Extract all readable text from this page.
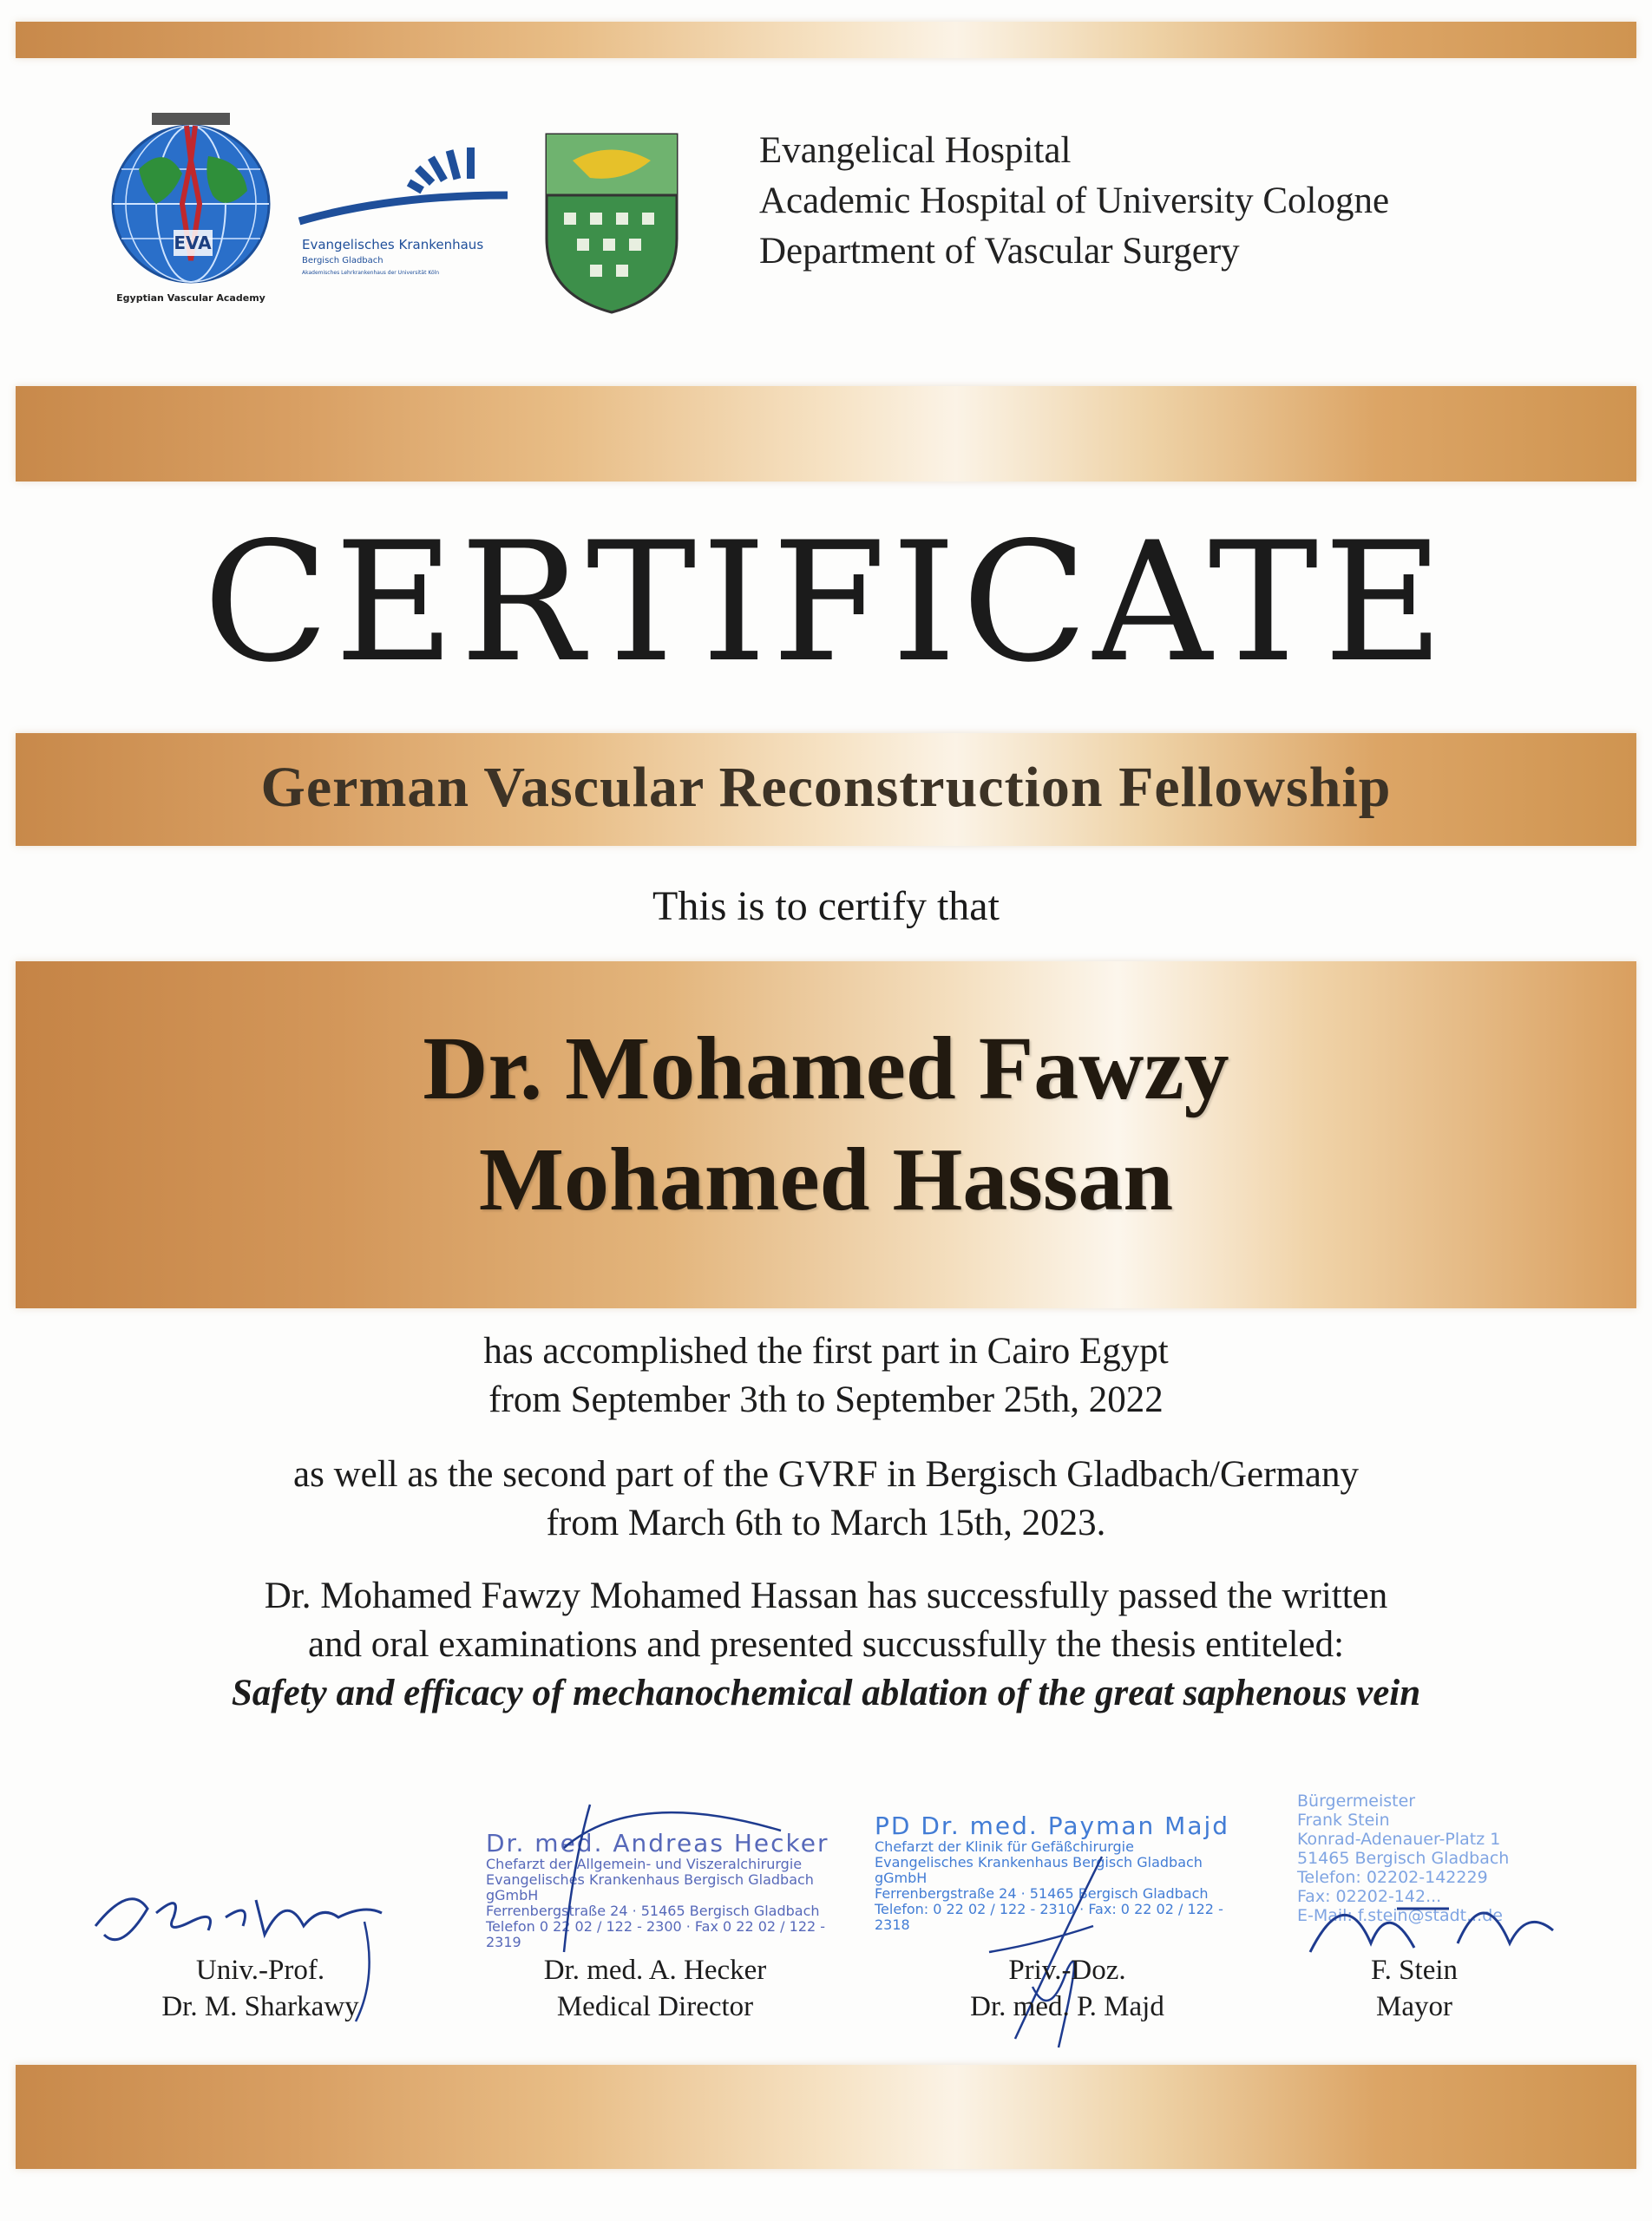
EVA
Egyptian Vascular Academy
Evangelisches Krankenhaus
Bergisch Gladbach
Akademisches Lehrkrankenhaus der Universität Köln
Evangelical Hospital
Academic Hospital of University Cologne
Department of Vascular Surgery
CERTIFICATE
German Vascular Reconstruction Fellowship
This is to certify that
Dr. Mohamed Fawzy
Mohamed Hassan
has accomplished the first part in Cairo Egypt
from September 3th to September 25th, 2022
as well as the second part of the GVRF in Bergisch Gladbach/Germany
from March 6th to March 15th, 2023.
Dr. Mohamed Fawzy Mohamed Hassan has successfully passed the written
and oral examinations and presented succussfully the thesis entiteled:
Safety and efficacy of mechanochemical ablation of the great saphenous vein
Dr. med. Andreas Hecker
Chefarzt der Allgemein- und Viszeralchirurgie
Evangelisches Krankenhaus Bergisch Gladbach gGmbH
Ferrenbergstraße 24 · 51465 Bergisch Gladbach
Telefon 0 22 02 / 122 - 2300 · Fax 0 22 02 / 122 - 2319
PD Dr. med. Payman Majd
Chefarzt der Klinik für Gefäßchirurgie
Evangelisches Krankenhaus Bergisch Gladbach gGmbH
Ferrenbergstraße 24 · 51465 Bergisch Gladbach
Telefon: 0 22 02 / 122 - 2310 · Fax: 0 22 02 / 122 - 2318
Bürgermeister
Frank Stein
Konrad-Adenauer-Platz 1
51465 Bergisch Gladbach
Telefon: 02202-142229
Fax: 02202-142...
E-Mail: f.stein@stadt...de
Univ.-Prof.
Dr. M. Sharkawy
Dr. med. A. Hecker
Medical Director
Priv.-Doz.
Dr. med. P. Majd
F. Stein
Mayor
